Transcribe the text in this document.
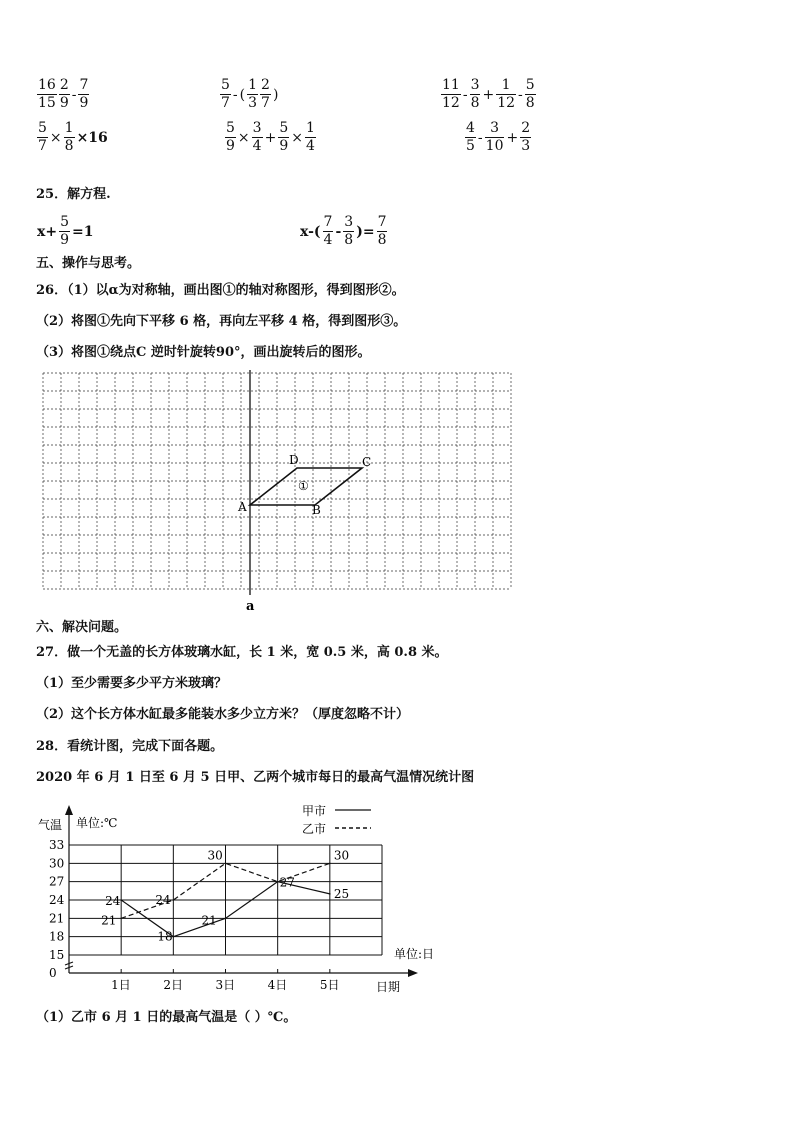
$\frac{16}{15} \frac{2}{9} - \frac{7}{9}$	$\frac{5}{7}$ - ( $\frac{1}{3} \frac{2}{7}$ )	$\frac{11}{12} - \frac{3}{8} + \frac{1}{12} - \frac{5}{8}$
$\frac{5}{7} \times \frac{1}{8} \times 16$	$\frac{5}{9} \times \frac{3}{4} + \frac{5}{9} \times \frac{1}{4}$	$\frac{4}{5} - \frac{3}{10} + \frac{2}{3}$
25．解方程.
$x+ \frac{5}{9} =1$	$x-( \frac{7}{4} - \frac{3}{8}$ )= $\frac{7}{8}$
五、操作与思考。
26．（1）以α为对称轴，画出图①的轴对称图形，得到图形②。
（2）将图①先向下平移 6 格，再向左平移 4 格，得到图形③。
（3）将图①绕点C 逆时针旋转90°，画出旋转后的图形。
A	B
C
D
①
a
六、解决问题。
27．做一个无盖的长方体玻璃水缸，长 1 米，宽 0.5 米，高 0.8 米。
（1）至少需要多少平方米玻璃？
（2）这个长方体水缸最多能装水多少立方米？（厚度忽略不计）
28．看统计图，完成下面各题。
2020 年 6 月 1 日至 6 月 5 日甲、乙两个城市每日的最高气温情况统计图
0
15
18
21
24
27
30
33
1日	2日	3日	4日	5日
24
18
21
27
25
21
24
30	30
气温 单位:℃
单位:日
日期
甲市
乙市
（1）乙市 6 月 1 日的最高气温是（ ）℃。
